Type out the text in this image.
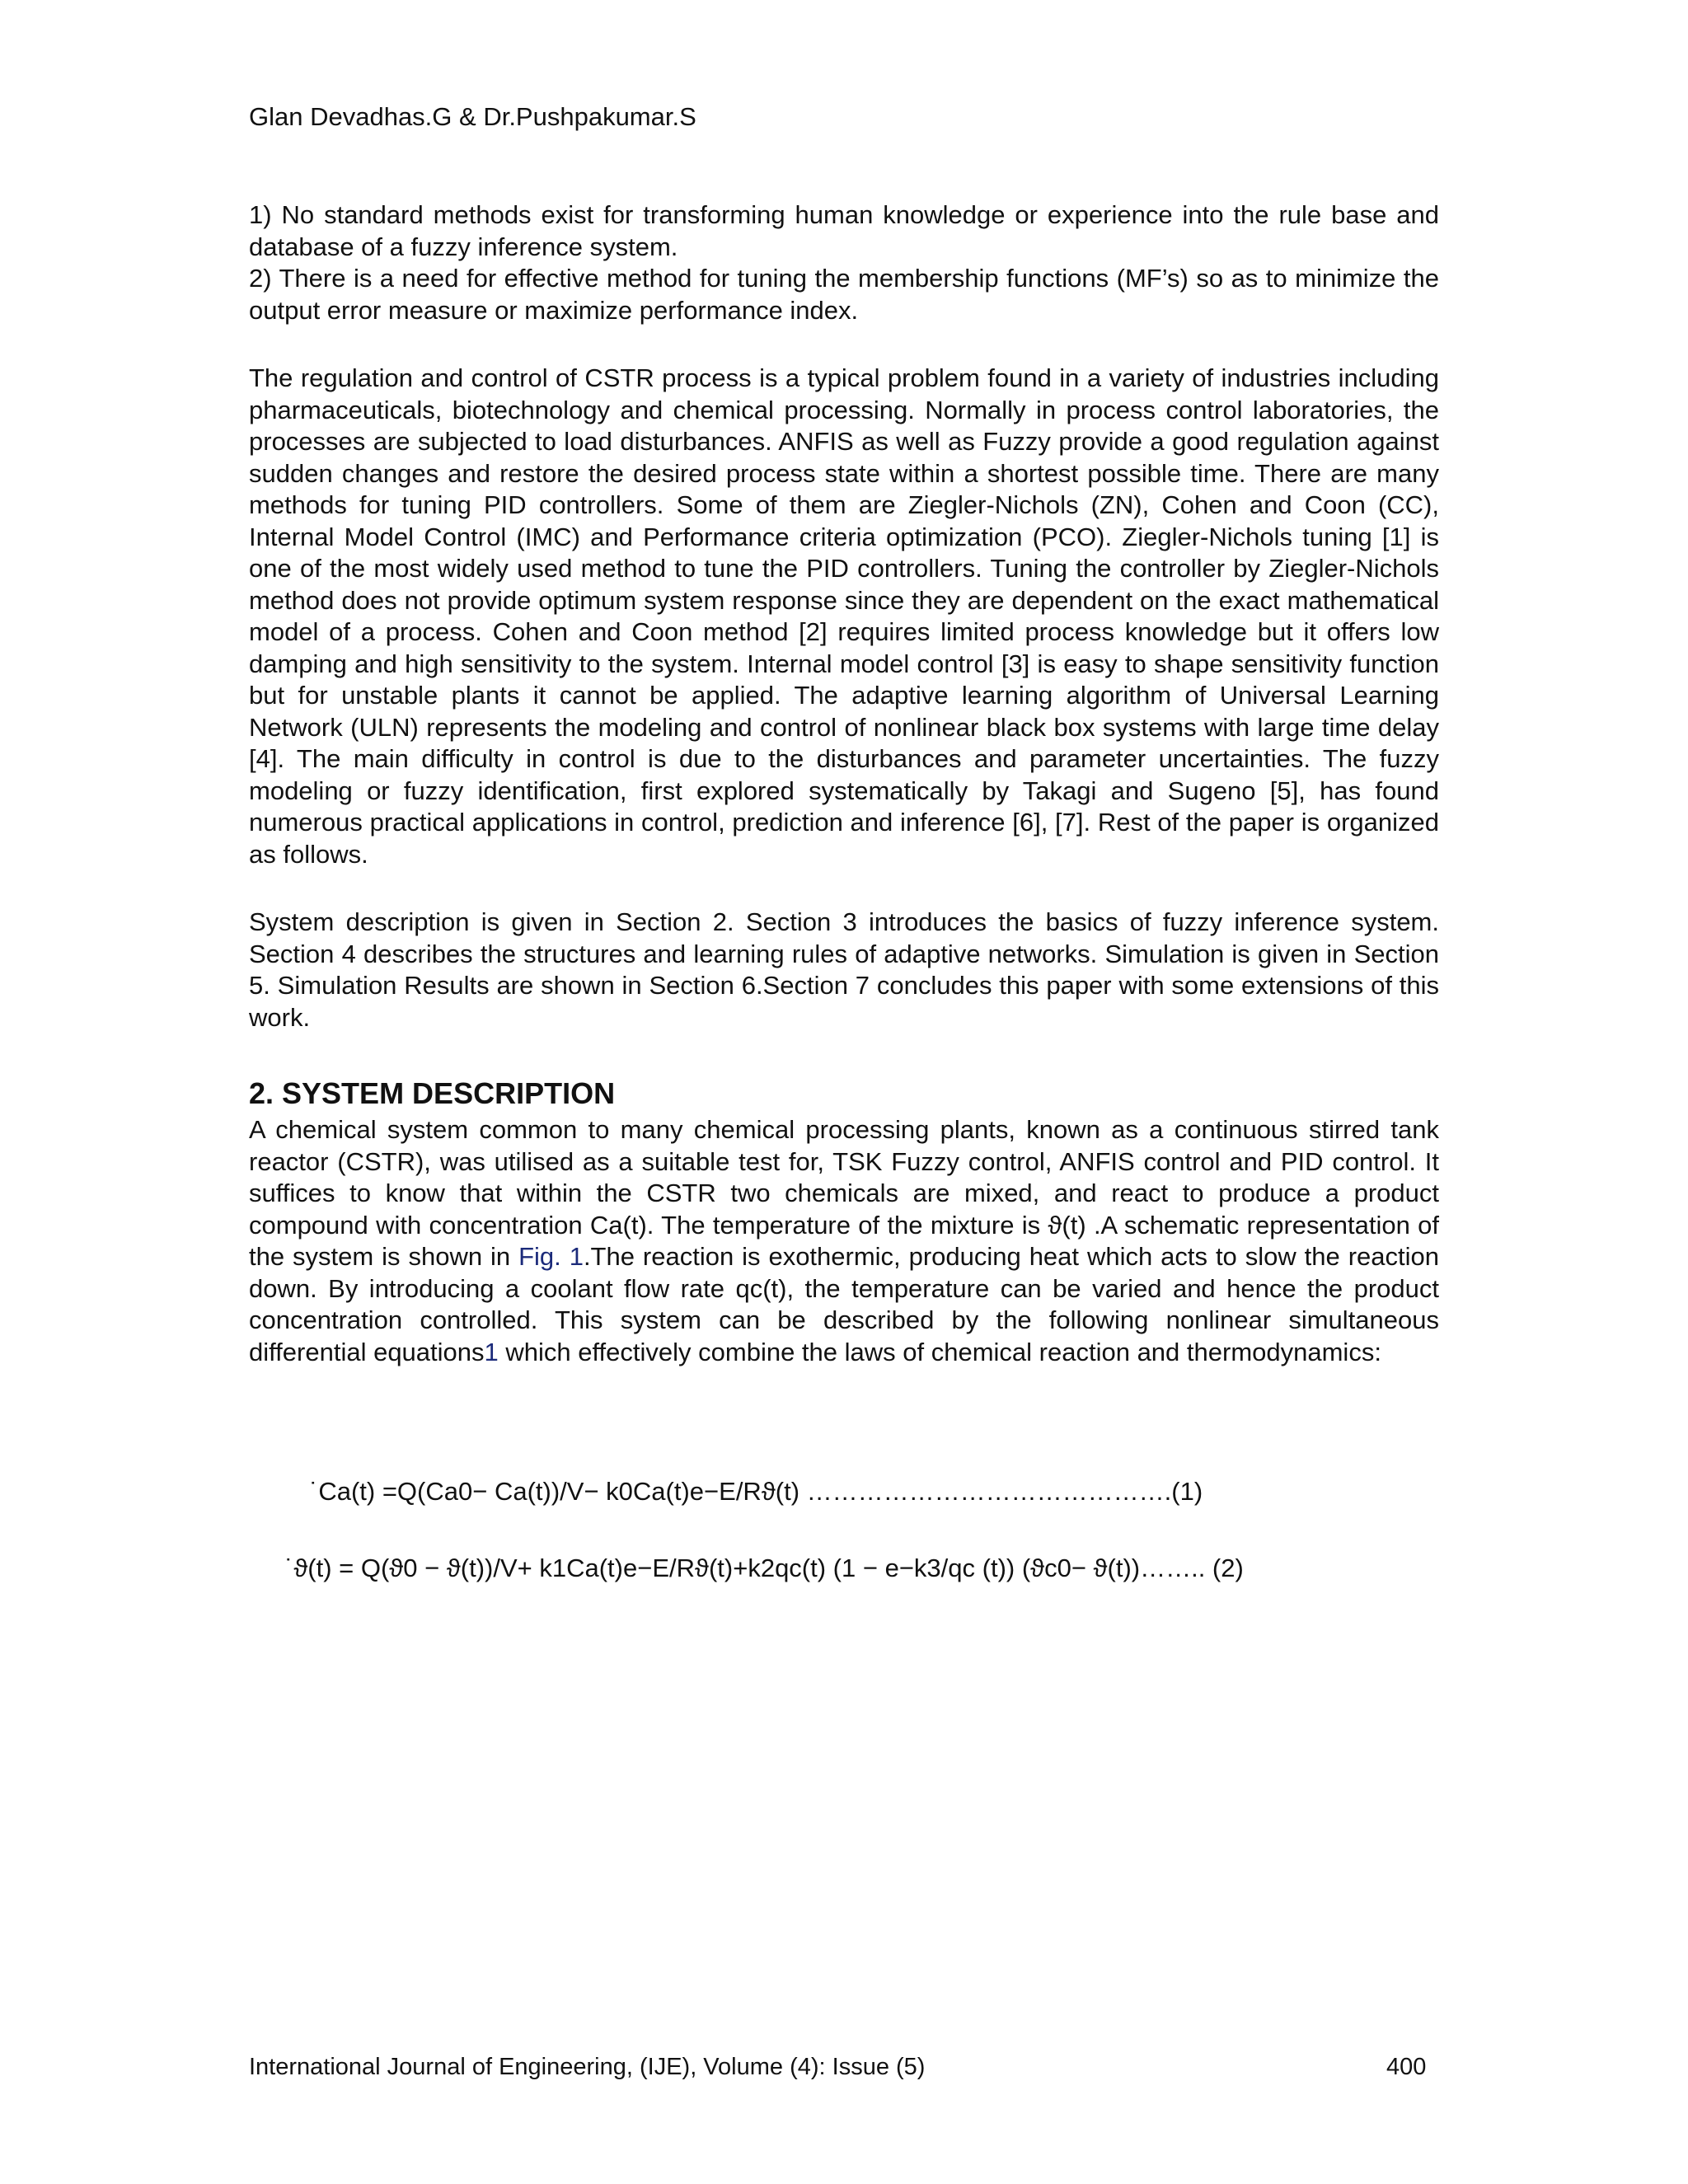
Glan Devadhas.G & Dr.Pushpakumar.S

1) No standard methods exist for transforming human knowledge or experience into the rule base and database of a fuzzy inference system.

2) There is a need for effective method for tuning the membership functions (MF’s) so as to minimize the output error measure or maximize performance index.

The regulation and control of CSTR process is a typical problem found in a variety of industries including pharmaceuticals, biotechnology and chemical processing. Normally in process control laboratories, the processes are subjected to load disturbances. ANFIS as well as Fuzzy provide a good regulation against sudden changes and restore the desired process state within a shortest possible time. There are many methods for tuning PID controllers. Some of them are Ziegler-Nichols (ZN), Cohen and Coon (CC), Internal Model Control (IMC) and Performance criteria optimization (PCO). Ziegler-Nichols tuning [1] is one of the most widely used method to tune the PID controllers. Tuning the controller by Ziegler-Nichols method does not provide optimum system response since they are dependent on the exact mathematical model of a process. Cohen and Coon method [2] requires limited process knowledge but it offers low damping and high sensitivity to the system. Internal model control [3] is easy to shape sensitivity function but for unstable plants it cannot be applied. The adaptive learning algorithm of Universal Learning Network (ULN) represents the modeling and control of nonlinear black box systems with large time delay [4]. The main difficulty in control is due to the disturbances and parameter uncertainties. The fuzzy modeling or fuzzy identification, first explored systematically by Takagi and Sugeno [5], has found numerous practical applications in control, prediction and inference [6], [7]. Rest of the paper is organized as follows.

System description is given in Section 2. Section 3 introduces the basics of fuzzy inference system. Section 4 describes the structures and learning rules of adaptive networks. Simulation is given in Section 5. Simulation Results are shown in Section 6.Section 7 concludes this paper with some extensions of this work.

2. SYSTEM DESCRIPTION

A chemical system common to many chemical processing plants, known as a continuous stirred tank reactor (CSTR), was utilised as a suitable test for, TSK Fuzzy control, ANFIS control and PID control. It suffices to know that within the CSTR two chemicals are mixed, and react to produce a product compound with concentration Ca(t). The temperature of the mixture is ϑ(t) .A schematic representation of the system is shown in Fig. 1.The reaction is exothermic, producing heat which acts to slow the reaction down. By introducing a coolant flow rate qc(t), the temperature can be varied and hence the product concentration controlled. This system can be described by the following nonlinear simultaneous differential equations1 which effectively combine the laws of chemical reaction and thermodynamics:

˙Ca(t) =Q(Ca0− Ca(t))/V− k0Ca(t)e−E/Rϑ(t) …………………………………….(1)
˙ϑ(t) = Q(ϑ0 − ϑ(t))/V+ k1Ca(t)e−E/Rϑ(t)+k2qc(t) (1 − e−k3/qc (t)) (ϑc0− ϑ(t))…….. (2)
International Journal of Engineering, (IJE), Volume (4): Issue (5)	400
